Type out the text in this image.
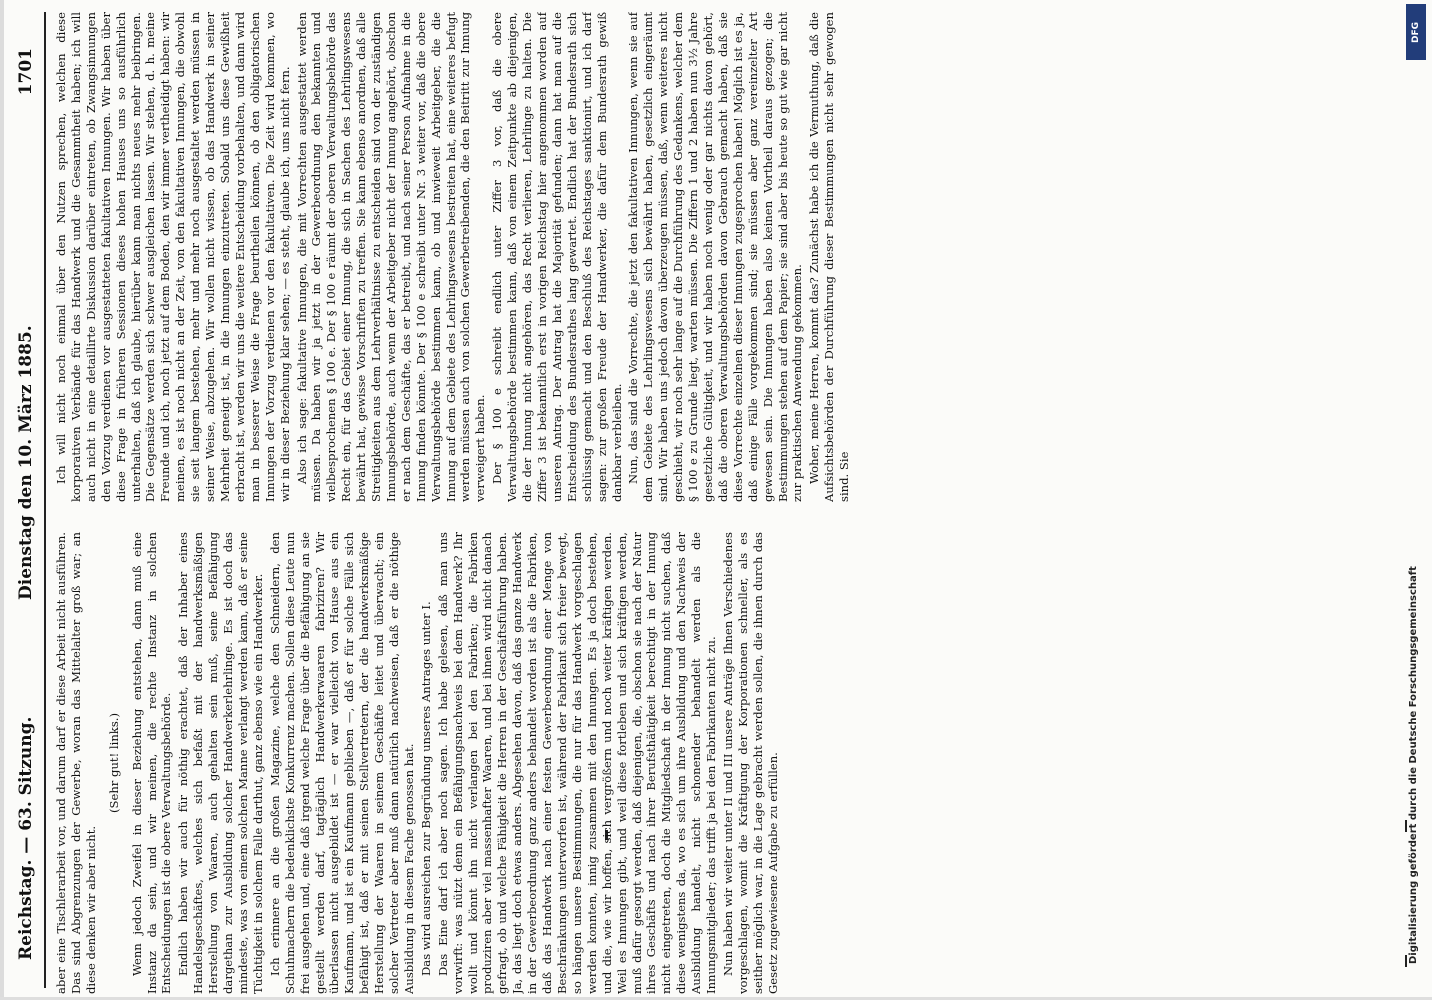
Reichstag. — 63. Sitzung.
Dienstag den 10. März 1885.
1701

aber eine Tischlerarbeit vor, und darum darf er diese Arbeit nicht ausführen. Das sind Abgrenzungen der Gewerbe, woran das Mittelalter groß war; an diese denken wir aber nicht.

(Sehr gut! links.) Wenn jedoch Zweifel in dieser Beziehung entstehen, dann muß eine Instanz da sein, und wir meinen, die rechte Instanz in solchen Entscheidungen ist die obere Verwaltungsbehörde. Endlich haben wir auch für nöthig erachtet, daß der Inhaber eines Handelsgeschäftes, welches sich befaßt mit der handwerksmäßigen Herstellung von Waaren, auch gehalten sein muß, seine Befähigung dargethan zur Ausbildung solcher Handwerkerlehrlinge. Es ist doch das mindeste, was von einem solchen Manne verlangt werden kann, daß er seine Tüchtigkeit in solchem Falle darthut, ganz ebenso wie ein Handwerker. Ich erinnere an die großen Magazine, welche den Schneidern, den Schuhmachern die bedenklichste Konkurrenz machen. Sollen diese Leute nun frei ausgehen und, eine daß irgend welche Frage über die Befähigung an sie gestellt werden darf, tagtäglich Handwerkerwaaren fabriziren? Wir überlassen nicht ausgebildet ist — er war vielleicht von Hause aus ein Kaufmann, und ist ein Kaufmann geblieben —, daß er für solche Fälle sich befähigt ist, daß er mit seinen Stellvertretern, der die handwerksmäßige Herstellung der Waaren in seinem Geschäfte leitet und überwacht; ein solcher Vertreter aber muß dann natürlich nachweisen, daß er die nöthige Ausbildung in diesem Fache genossen hat. Das wird ausreichen zur Begründung unseres Antrages unter I. Das Eine darf ich aber noch sagen. Ich habe gelesen, daß man uns vorwirft: was nützt denn ein Befähigungsnachweis bei dem Handwerk? Ihr wollt und könnt ihn nicht verlangen bei den Fabriken; die Fabriken produziren aber viel massenhafter Waaren, und bei ihnen wird nicht danach gefragt, ob und welche Fähigkeit die Herren in der Geschäftsführung haben. Ja, das liegt doch etwas anders. Abgesehen davon, daß das ganze Handwerk in der Gewerbeordnung ganz anders behandelt worden ist als die Fabriken, daß das Handwerk nach einer festen Gewerbeordnung einer Menge von Beschränkungen unterworfen ist, während der Fabrikant sich freier bewegt, so hängen unsere Bestimmungen, die nur für das Handwerk vorgeschlagen werden konnten, innig zusammen mit den Innungen. Es ja doch bestehen, und die, wie wir hoffen, sich vergrößern und noch weiter kräftigen werden. Weil es Innungen gibt, und weil diese fortleben und sich kräftigen werden, muß dafür gesorgt werden, daß diejenigen, die, obschon sie nach der Natur ihres Geschäfts und nach ihrer Berufsthätigkeit berechtigt in der Innung nicht eingetreten, doch die Mitgliedschaft in der Innung nicht suchen, daß diese wenigstens da, wo es sich um ihre Ausbildung und den Nachweis der Ausbildung handelt, nicht schonender behandelt werden als die Innungsmitglieder; das trifft ja bei den Fabrikanten nicht zu. Nun haben wir weiter unter II und III unsere Anträge Ihnen Verschiedenes vorgeschlagen, womit die Kräftigung der Korporationen schneller, als es seither möglich war, in die Lage gebracht werden sollen, die ihnen durch das Gesetz zugewiesene Aufgabe zu erfüllen.

Ich will nicht noch einmal über den Nutzen sprechen, welchen diese korporativen Verbände für das Handwerk und die Gesammtheit haben; ich will auch nicht in eine detaillirte Diskussion darüber eintreten, ob Zwangsinnungen den Vorzug verdienen vor ausgestatteten fakultativen Innungen. Wir haben über diese Frage in früheren Sessionen dieses hohen Hauses uns so ausführlich unterhalten, daß ich glaube, hierüber kann man nichts neues mehr beibringen. Die Gegensätze werden sich schwer ausgleichen lassen. Wir stehen, d. h. meine Freunde und ich, noch jetzt auf dem Boden, den wir immer vertheidigt haben: wir meinen, es ist noch nicht an der Zeit, von den fakultativen Innungen, die obwohl sie seit langem bestehen, mehr und mehr noch ausgestaltet werden müssen in seiner Weise, abzugehen. Wir wollen nicht wissen, ob das Handwerk in seiner Mehrheit geneigt ist, in die Innungen einzutreten. Sobald uns diese Gewißheit erbracht ist, werden wir uns die weitere Entscheidung vorbehalten, und dann wird man in besserer Weise die Frage beurtheilen können, ob den obligatorischen Innungen der Vorzug verdienen vor den fakultativen. Die Zeit wird kommen, wo wir in dieser Beziehung klar sehen; — es steht, glaube ich, uns nicht fern. Also ich sage: fakultative Innungen, die mit Vorrechten ausgestattet werden müssen. Da haben wir ja jetzt in der Gewerbeordnung den bekannten und vielbesprochenen § 100 e. Der § 100 e räumt der oberen Verwaltungsbehörde das Recht ein, für das Gebiet einer Innung, die sich in Sachen des Lehrlingswesens bewährt hat, gewisse Vorschriften zu treffen. Sie kann ebenso anordnen, daß alle Streitigkeiten aus dem Lehrverhältnisse zu entscheiden sind von der zuständigen Innungsbehörde, auch wenn der Arbeitgeber nicht der Innung angehört, obschon er nach dem Geschäfte, das er betreibt, und nach seiner Person Aufnahme in die Innung finden könnte. Der § 100 e schreibt unter Nr. 3 weiter vor, daß die obere Verwaltungsbehörde bestimmen kann, ob und inwieweit Arbeitgeber, die die Innung auf dem Gebiete des Lehrlingswesens bestreiten hat, eine weiteres befugt werden müssen auch von solchen Gewerbetreibenden, die den Beitritt zur Innung verweigert haben. Der § 100 e schreibt endlich unter Ziffer 3 vor, daß die obere Verwaltungsbehörde bestimmen kann, daß von einem Zeitpunkte ab diejenigen, die der Innung nicht angehören, das Recht verlieren, Lehrlinge zu halten. Die Ziffer 3 ist bekanntlich erst in vorigen Reichstag hier angenommen worden auf unseren Antrag. Der Antrag hat die Majorität gefunden; dann hat man auf die Entscheidung des Bundesrathes lang gewartet. Endlich hat der Bundesrath sich schlüssig gemacht und den Beschluß des Reichstages sanktionirt, und ich darf sagen: zur großen Freude der Handwerker, die dafür dem Bundesrath gewiß dankbar verbleiben. Nun, das sind die Vorrechte, die jetzt den fakultativen Innungen, wenn sie auf dem Gebiete des Lehrlingswesens sich bewährt haben, gesetzlich eingeräumt sind. Wir haben uns jedoch davon überzeugen müssen, daß, wenn weiteres nicht geschieht, wir noch sehr lange auf die Durchführung des Gedankens, welcher dem § 100 e zu Grunde liegt, warten müssen. Die Ziffern 1 und 2 haben nun 3½ Jahre gesetzliche Gültigkeit, und wir haben noch wenig oder gar nichts davon gehört, daß die oberen Verwaltungsbehörden davon Gebrauch gemacht haben, daß sie diese Vorrechte einzelnen dieser Innungen zugesprochen haben! Möglich ist es ja, daß einige Fälle vorgekommen sind; sie müssen aber ganz vereinzelter Art gewesen sein. Die Innungen haben also keinen Vortheil daraus gezogen; die Bestimmungen stehen auf dem Papier; sie sind aber bis heute so gut wie gar nicht zur praktischen Anwendung gekommen. Woher, meine Herren, kommt das? Zunächst habe ich die Vermuthung, daß die Aufsichtsbehörden der Durchführung dieser Bestimmungen nicht sehr gewogen sind. Sie

DFG
Digitalisierung gefördert durch die Deutsche Forschungsgemeinschaft
